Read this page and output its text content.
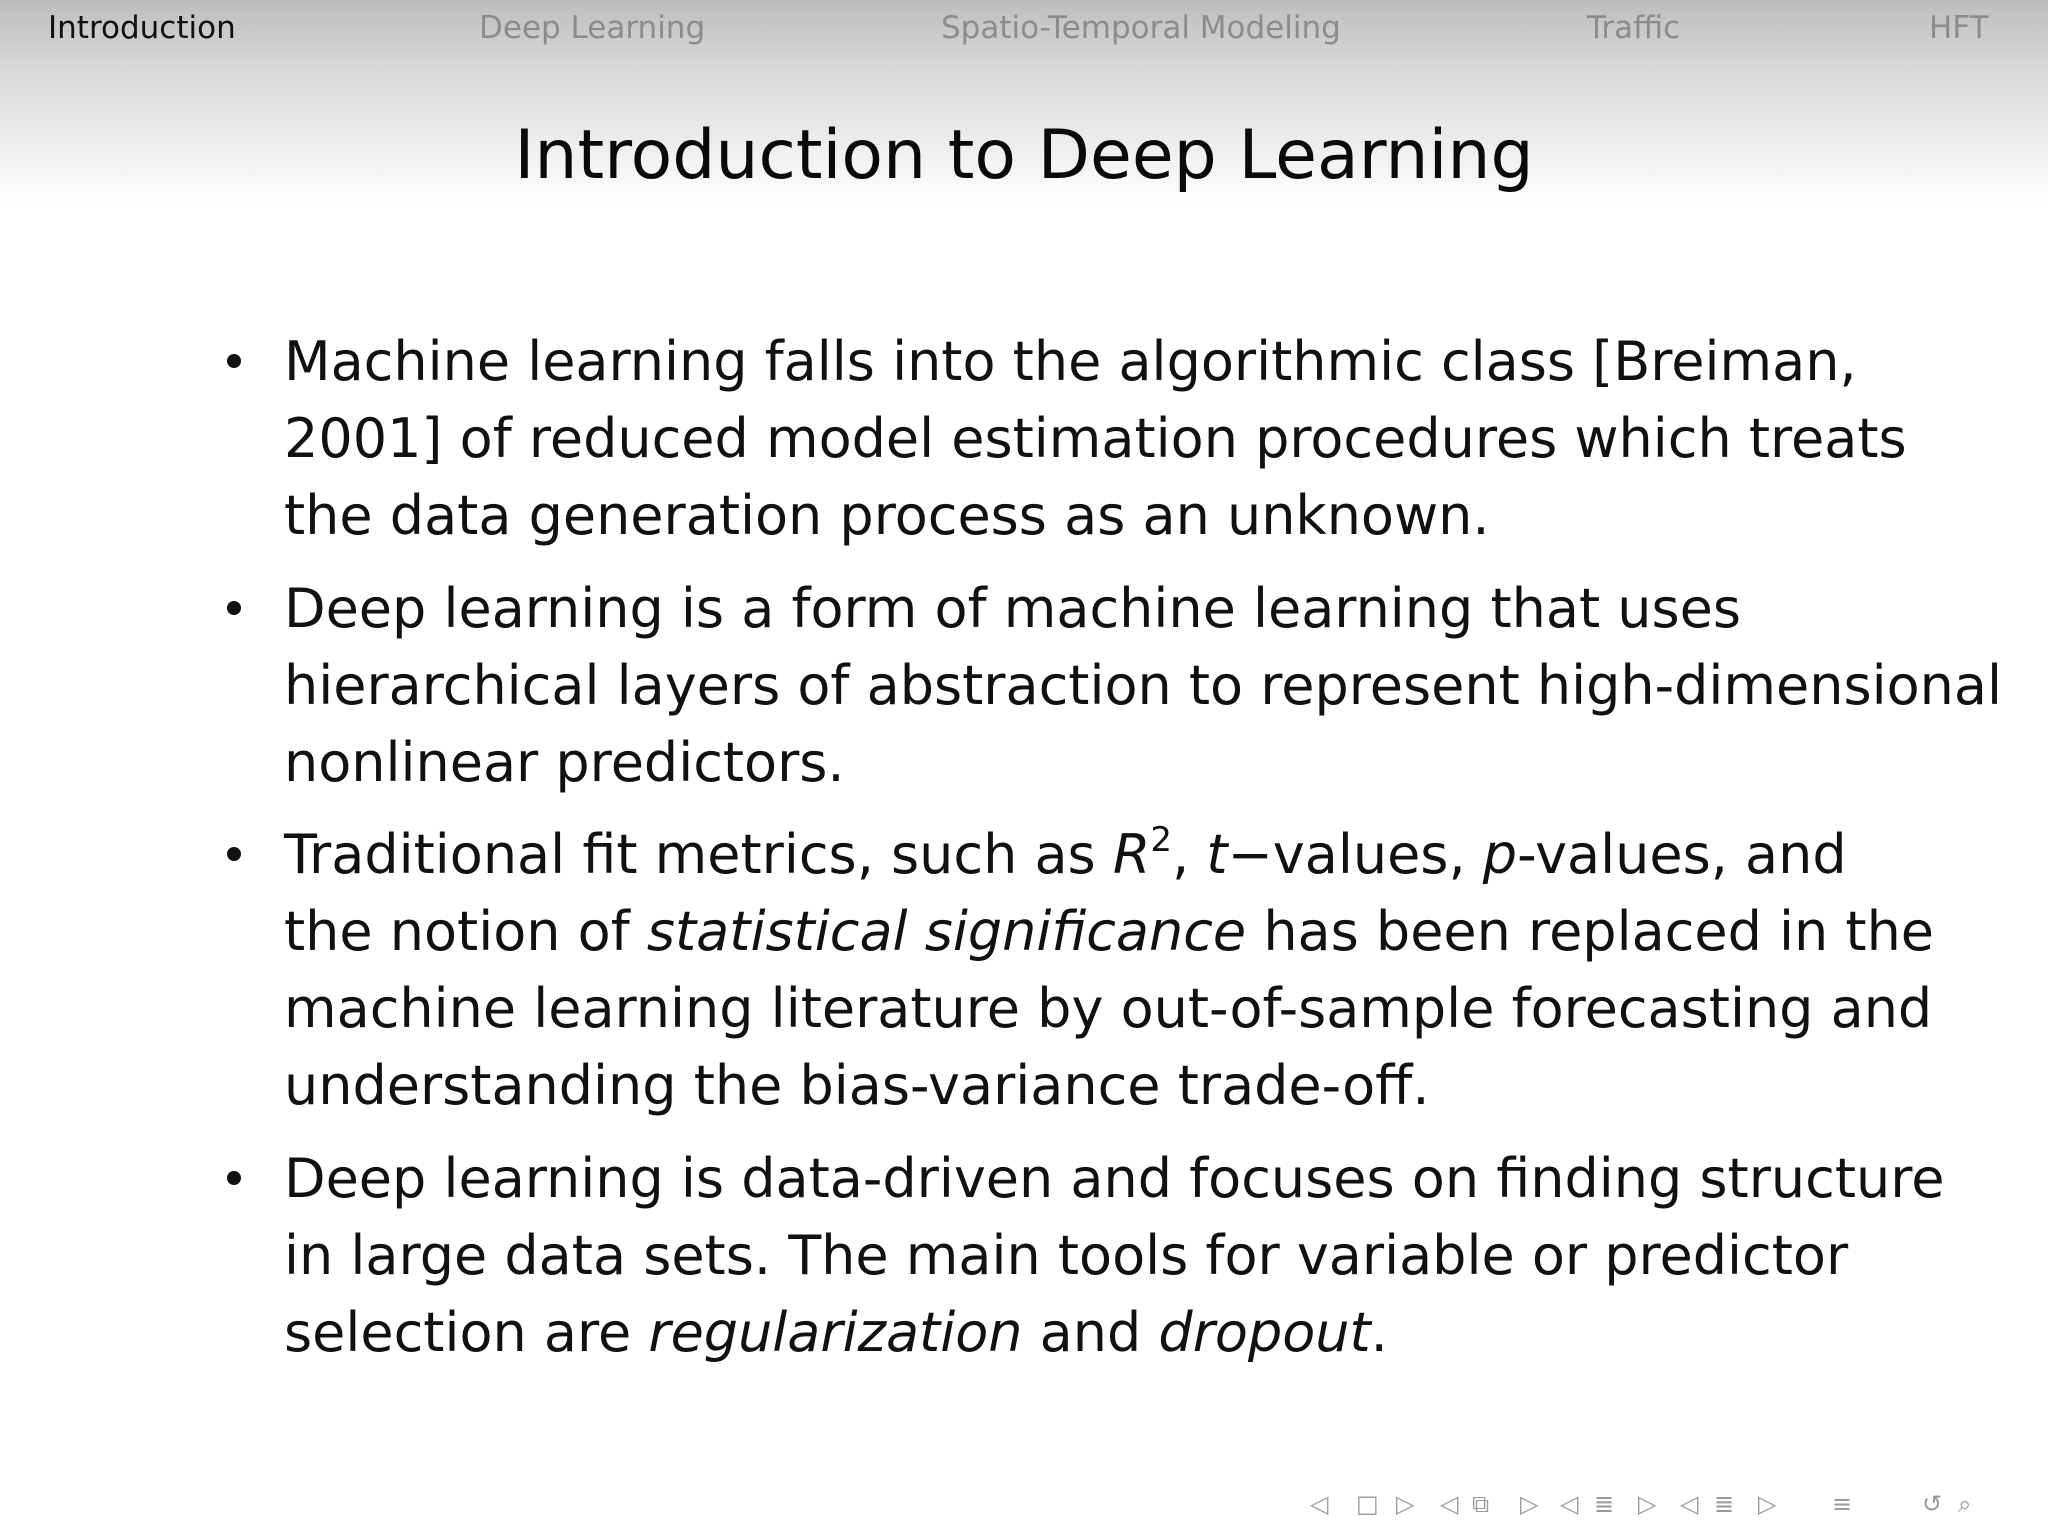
Introduction	Deep Learning	Spatio-Temporal Modeling	Traffic	HFT
Introduction to Deep Learning
Machine learning falls into the algorithmic class [Breiman,
2001] of reduced model estimation procedures which treats
the data generation process as an unknown.
Deep learning is a form of machine learning that uses
hierarchical layers of abstraction to represent high-dimensional
nonlinear predictors.
Traditional fit metrics, such as $R^2$, t−values, p-values, and
the notion of statistical significance has been replaced in the
machine learning literature by out-of-sample forecasting and
understanding the bias-variance trade-off.
Deep learning is data-driven and focuses on finding structure
in large data sets. The main tools for variable or predictor
selection are regularization and dropout.
◁ □ ▷ ◁ ⧉ ▷ ◁ ≣ ▷ ◁ ≣ ▷ ≡	↺ ⌕
